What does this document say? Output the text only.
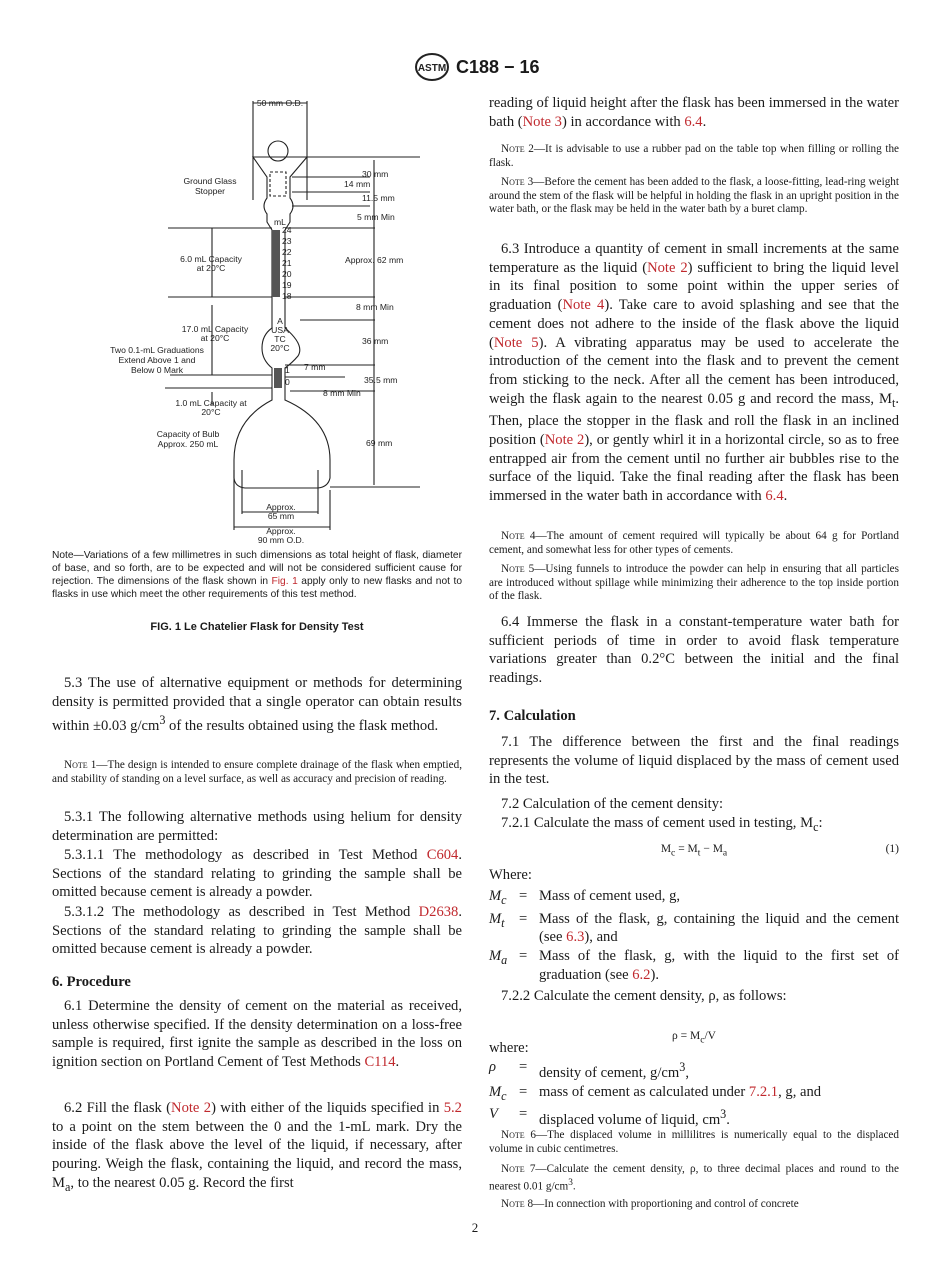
ASTM C188 − 16
50 mm O.D.
Ground Glass
Stopper
30 mm
14 mm
11.5 mm
5 mm Min
mL
24
23
22
21
20
19
18
6.0 mL Capacity
at 20°C
Approx. 62 mm
8 mm Min
17.0 mL Capacity
at 20°C
A
USA
TC
20°C
36 mm
Two 0.1-mL Graduations
Extend Above 1 and
Below 0 Mark	1
0
7 mm
35.5 mm
8 mm Min
1.0 mL Capacity at
20°C
Capacity of Bulb
Approx. 250 mL	69 mm
Approx.
65 mm
Approx.
90 mm O.D.
Note—Variations of a few millimetres in such dimensions as total height of flask, diameter of base, and so forth, are to be expected and will not be considered sufficient cause for rejection. The dimensions of the flask shown in Fig. 1 apply only to new flasks and not to flasks in use which meet the other requirements of this test method.
FIG. 1 Le Chatelier Flask for Density Test
5.3 The use of alternative equipment or methods for determining density is permitted provided that a single operator can obtain results within ±0.03 $g/cm^3$ of the results obtained using the flask method.
Note 1—The design is intended to ensure complete drainage of the flask when emptied, and stability of standing on a level surface, as well as accuracy and precision of reading.
5.3.1 The following alternative methods using helium for density determination are permitted:
5.3.1.1 The methodology as described in Test Method C604. Sections of the standard relating to grinding the sample shall be omitted because cement is already a powder.
5.3.1.2 The methodology as described in Test Method D2638. Sections of the standard relating to grinding the sample shall be omitted because cement is already a powder.
6. Procedure
6.1 Determine the density of cement on the material as received, unless otherwise specified. If the density determination on a loss-free sample is required, first ignite the sample as described in the loss on ignition section on Portland Cement of Test Methods C114.
6.2 Fill the flask (Note 2) with either of the liquids specified in 5.2 to a point on the stem between the 0 and the 1-mL mark. Dry the inside of the flask above the level of the liquid, if necessary, after pouring. Weigh the flask, containing the liquid, and record the mass, $M_a$, to the nearest 0.05 g. Record the first
reading of liquid height after the flask has been immersed in the water bath (Note 3) in accordance with 6.4.
Note 2—It is advisable to use a rubber pad on the table top when filling or rolling the flask.
Note 3—Before the cement has been added to the flask, a loose-fitting, lead-ring weight around the stem of the flask will be helpful in holding the flask in an upright position in the water bath, or the flask may be held in the water bath by a buret clamp.
6.3 Introduce a quantity of cement in small increments at the same temperature as the liquid (Note 2) sufficient to bring the liquid level in its final position to some point within the upper series of graduation (Note 4). Take care to avoid splashing and see that the cement does not adhere to the inside of the flask above the liquid (Note 5). A vibrating apparatus may be used to accelerate the introduction of the cement into the flask and to prevent the cement from sticking to the neck. After all the cement has been introduced, weigh the flask again to the nearest 0.05 g and record the mass, $M_t$. Then, place the stopper in the flask and roll the flask in an inclined position (Note 2), or gently whirl it in a horizontal circle, so as to free entrapped air from the cement until no further air bubbles rise to the surface of the liquid. Take the final reading after the flask has been immersed in the water bath in accordance with 6.4.
Note 4—The amount of cement required will typically be about 64 g for Portland cement, and somewhat less for other types of cements.
Note 5—Using funnels to introduce the powder can help in ensuring that all particles are introduced without spillage while minimizing their adherence to the top inside portion of the flask.
6.4 Immerse the flask in a constant-temperature water bath for sufficient periods of time in order to avoid flask temperature variations greater than 0.2°C between the initial and the final readings.
7. Calculation
7.1 The difference between the first and the final readings represents the volume of liquid displaced by the mass of cement used in the test.
7.2 Calculation of the cement density:
7.2.1 Calculate the mass of cement used in testing, $M_c$:
$M_c = M_t - M_a$	(1)
Where:
$M_c$ = Mass of cement used, g,
$M_t$ = Mass of the flask, g, containing the liquid and the cement (see 6.3), and
$M_a$ = Mass of the flask, g, with the liquid to the first set of graduation (see 6.2).
7.2.2 Calculate the cement density, ρ, as follows:
$\rho = M_c/V$
where:
ρ	= density of cement, $g/cm^3$,
$M_c$ = mass of cement as calculated under 7.2.1, g, and
V	= displaced volume of liquid, $cm^3$.
Note 6—The displaced volume in millilitres is numerically equal to the displaced volume in cubic centimetres.
Note 7—Calculate the cement density, ρ, to three decimal places and round to the nearest 0.01 $g/cm^3$.
Note 8—In connection with proportioning and control of concrete
2
